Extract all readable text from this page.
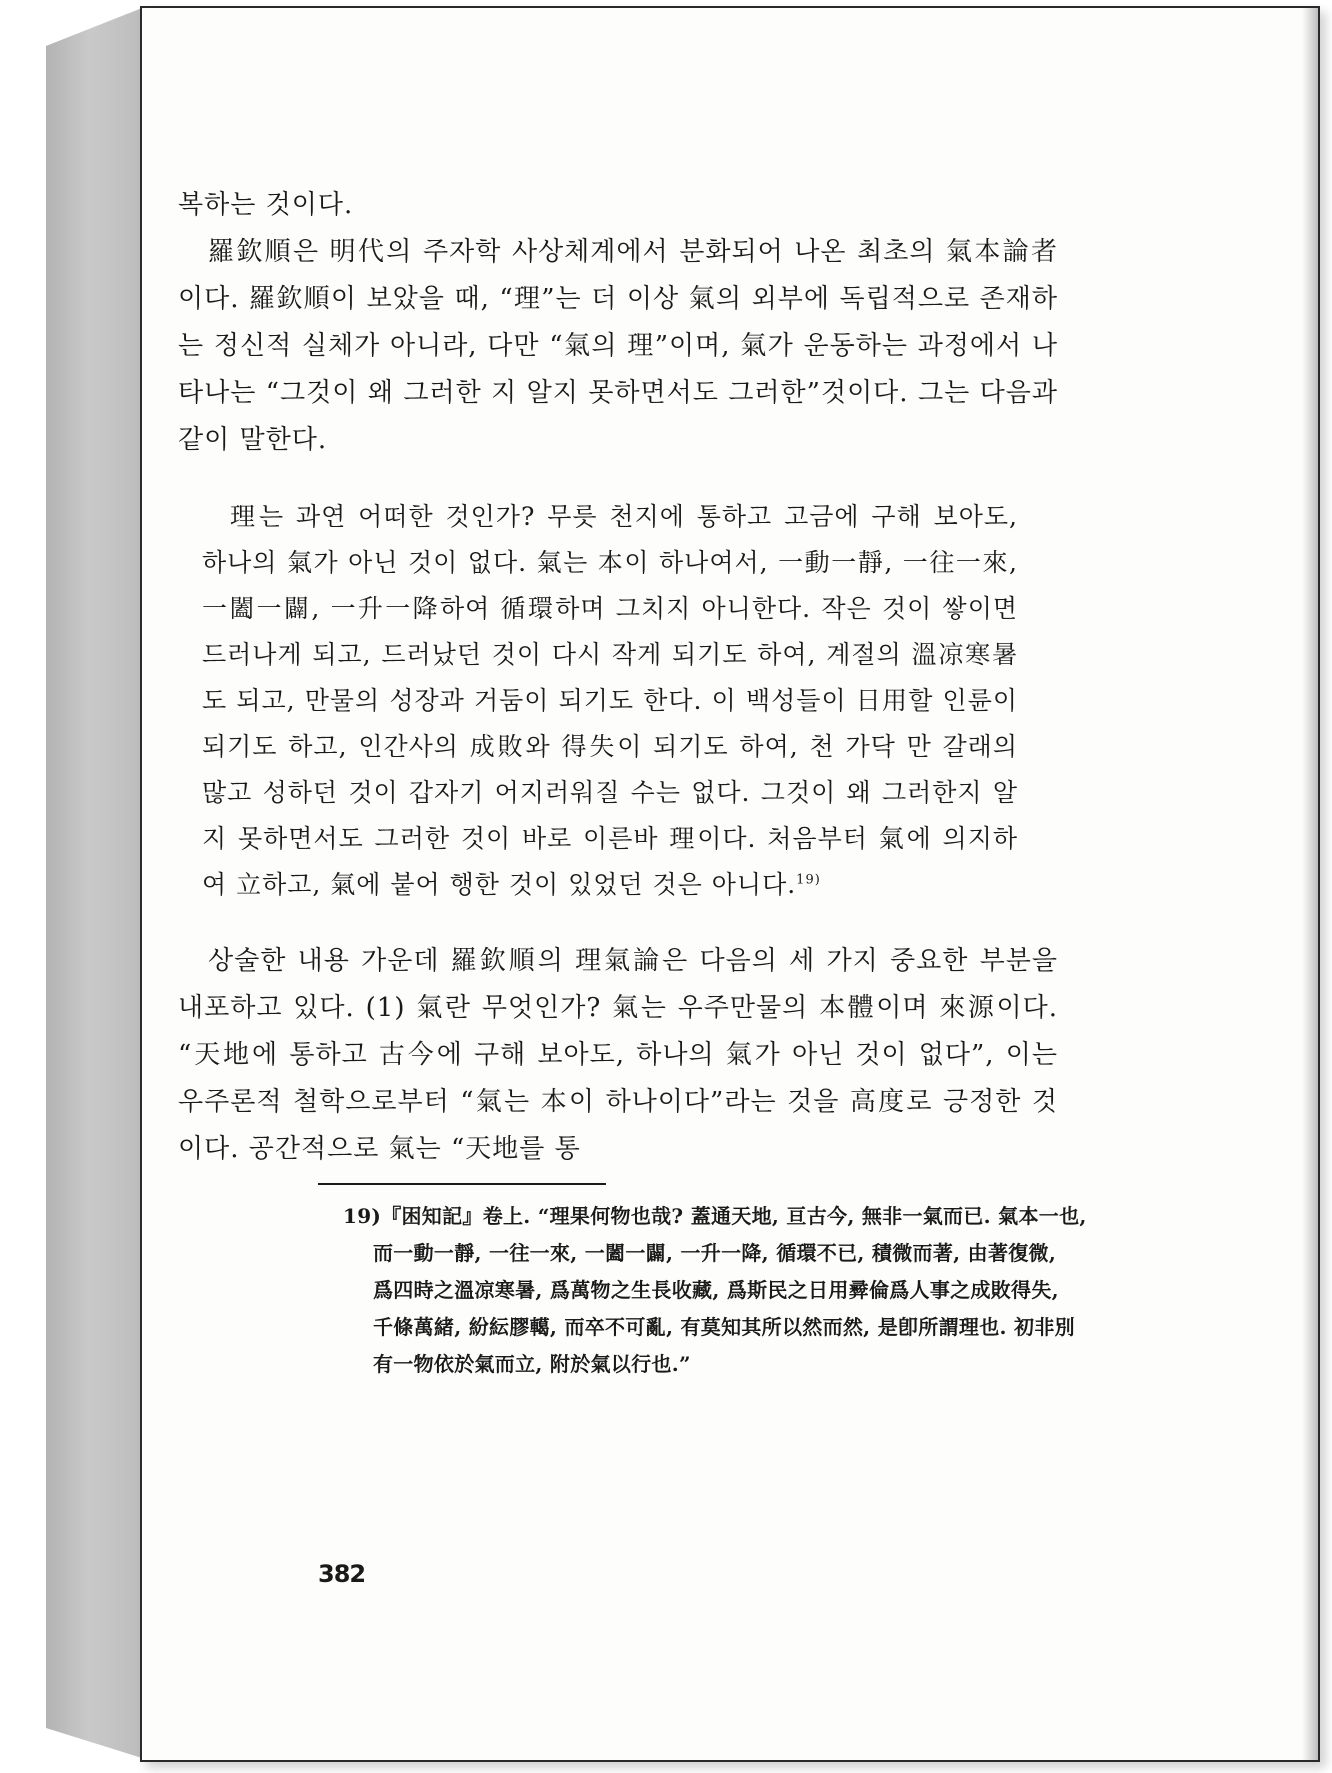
복하는 것이다.

羅欽順은 明代의 주자학 사상체계에서 분화되어 나온 최초의 氣本論者이다. 羅欽順이 보았을 때, “理”는 더 이상 氣의 외부에 독립적으로 존재하는 정신적 실체가 아니라, 다만 “氣의 理”이며, 氣가 운동하는 과정에서 나타나는 “그것이 왜 그러한 지 알지 못하면서도 그러한”것이다. 그는 다음과 같이 말한다.

理는 과연 어떠한 것인가? 무릇 천지에 통하고 고금에 구해 보아도, 하나의 氣가 아닌 것이 없다. 氣는 本이 하나여서, 一動一靜, 一往一來, 一闔一闢, 一升一降하여 循環하며 그치지 아니한다. 작은 것이 쌓이면 드러나게 되고, 드러났던 것이 다시 작게 되기도 하여, 계절의 溫凉寒暑도 되고, 만물의 성장과 거둠이 되기도 한다. 이 백성들이 日用할 인륜이 되기도 하고, 인간사의 成敗와 得失이 되기도 하여, 천 가닥 만 갈래의 많고 성하던 것이 갑자기 어지러워질 수는 없다. 그것이 왜 그러한지 알지 못하면서도 그러한 것이 바로 이른바 理이다. 처음부터 氣에 의지하여 立하고, 氣에 붙어 행한 것이 있었던 것은 아니다.$^{19)}$

상술한 내용 가운데 羅欽順의 理氣論은 다음의 세 가지 중요한 부분을 내포하고 있다. (1) 氣란 무엇인가? 氣는 우주만물의 本體이며 來源이다. “天地에 통하고 古今에 구해 보아도, 하나의 氣가 아닌 것이 없다”, 이는 우주론적 철학으로부터 “氣는 本이 하나이다”라는 것을 高度로 긍정한 것이다. 공간적으로 氣는 “天地를 통

19)『困知記』卷上. “理果何物也哉? 蓋通天地, 亘古今, 無非一氣而已. 氣本一也,
而一動一靜, 一往一來, 一闔一闢, 一升一降, 循環不已, 積微而著, 由著復微,
爲四時之溫凉寒暑, 爲萬物之生長收藏, 爲斯民之日用彛倫爲人事之成敗得失,
千條萬緒, 紛紜膠轕, 而卒不可亂, 有莫知其所以然而然, 是卽所謂理也. 初非別
有一物依於氣而立, 附於氣以行也.”
382
